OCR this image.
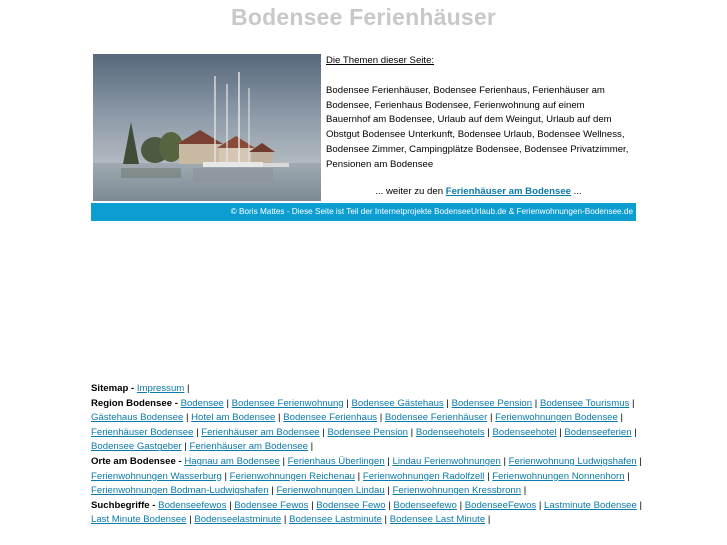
Bodensee Ferienhäuser

Die Themen dieser Seite:

Bodensee Ferienhäuser, Bodensee Ferienhaus, Ferienhäuser am Bodensee, Ferienhaus Bodensee, Ferienwohnung auf einem Bauernhof am Bodensee, Urlaub auf dem Weingut, Urlaub auf dem Obstgut Bodensee Unterkunft, Bodensee Urlaub, Bodensee Wellness, Bodensee Zimmer, Campingplätze Bodensee, Bodensee Privatzimmer, Pensionen am Bodensee

... weiter zu den Ferienhäuser am Bodensee ...

© Boris Mattes - Diese Seite ist Teil der Internetprojekte BodenseeUrlaub.de & Ferienwohnungen-Bodensee.de

Sitemap - Impressum |

Region Bodensee - Bodensee | Bodensee Ferienwohnung | Bodensee Gästehaus | Bodensee Pension | Bodensee Tourismus | Gästehaus Bodensee | Hotel am Bodensee | Bodensee Ferienhaus | Bodensee Ferienhäuser | Ferienwohnungen Bodensee | Ferienhäuser Bodensee | Ferienhäuser am Bodensee | Bodensee Pension | Bodenseehotels | Bodenseehotel | Bodenseeferien | Bodensee Gastgeber | Ferienhäuser am Bodensee |

Orte am Bodensee - Hagnau am Bodensee | Ferienhaus Überlingen | Lindau Ferienwohnungen | Ferienwohnung Ludwigshafen | Ferienwohnungen Wasserburg | Ferienwohnungen Reichenau | Ferienwohnungen Radolfzell | Ferienwohnungen Nonnenhorn | Ferienwohnungen Bodman-Ludwigshafen | Ferienwohnungen Lindau | Ferienwohnungen Kressbronn |

Suchbegriffe - Bodenseefewos | Bodensee Fewos | Bodensee Fewo | Bodenseefewo | BodenseeFewos | Lastminute Bodensee | Last Minute Bodensee | Bodenseelastminute | Bodensee Lastminute | Bodensee Last Minute |
